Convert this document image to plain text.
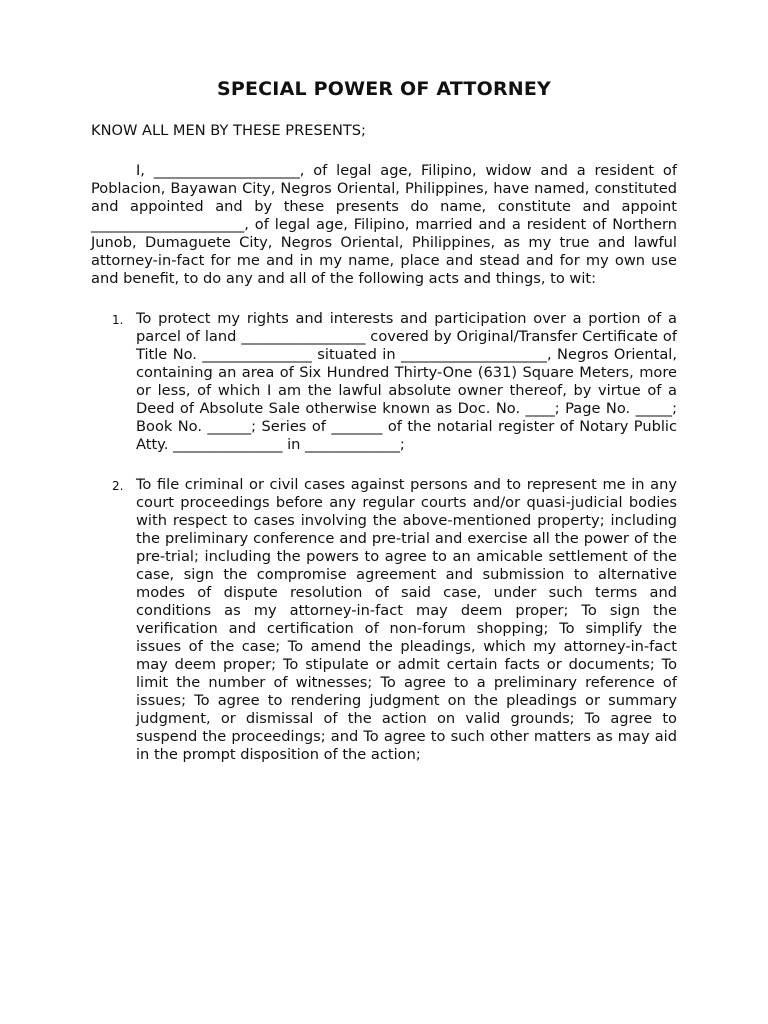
SPECIAL POWER OF ATTORNEY

KNOW ALL MEN BY THESE PRESENTS;

I, ____________________, of legal age, Filipino, widow and a resident of Poblacion, Bayawan City, Negros Oriental, Philippines, have named, constituted and appointed and by these presents do name, constitute and appoint _____________________, of legal age, Filipino, married and a resident of Northern Junob, Dumaguete City, Negros Oriental, Philippines, as my true and lawful attorney-in-fact for me and in my name, place and stead and for my own use and benefit, to do any and all of the following acts and things, to wit:

1. To protect my rights and interests and participation over a portion of a parcel of land _________________ covered by Original/Transfer Certificate of Title No. _______________ situated in ____________________, Negros Oriental, containing an area of Six Hundred Thirty-One (631) Square Meters, more or less, of which I am the lawful absolute owner thereof, by virtue of a Deed of Absolute Sale otherwise known as Doc. No. ____; Page No. _____; Book No. ______; Series of _______ of the notarial register of Notary Public Atty. _______________ in _____________;
2. To file criminal or civil cases against persons and to represent me in any court proceedings before any regular courts and/or quasi-judicial bodies with respect to cases involving the above-mentioned property; including the preliminary conference and pre-trial and exercise all the power of the pre-trial; including the powers to agree to an amicable settlement of the case, sign the compromise agreement and submission to alternative modes of dispute resolution of said case, under such terms and conditions as my attorney-in-fact may deem proper; To sign the verification and certification of non-forum shopping; To simplify the issues of the case; To amend the pleadings, which my attorney-in-fact may deem proper; To stipulate or admit certain facts or documents; To limit the number of witnesses; To agree to a preliminary reference of issues; To agree to rendering judgment on the pleadings or summary judgment, or dismissal of the action on valid grounds; To agree to suspend the proceedings; and To agree to such other matters as may aid in the prompt disposition of the action;
